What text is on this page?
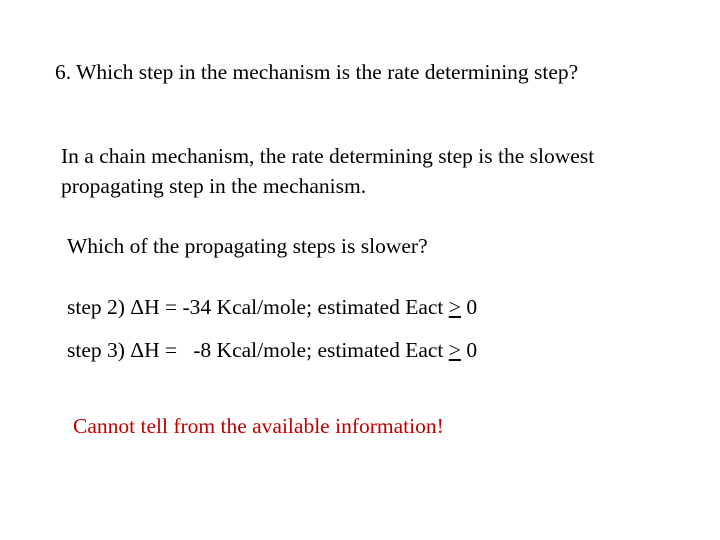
6. Which step in the mechanism is the rate determining step?
In a chain mechanism, the rate determining step is the slowest propagating step in the mechanism.
Which of the propagating steps is slower?
step 2) ΔH = -34 Kcal/mole; estimated Eact > 0
step 3) ΔH =   -8 Kcal/mole; estimated Eact > 0
Cannot tell from the available information!
